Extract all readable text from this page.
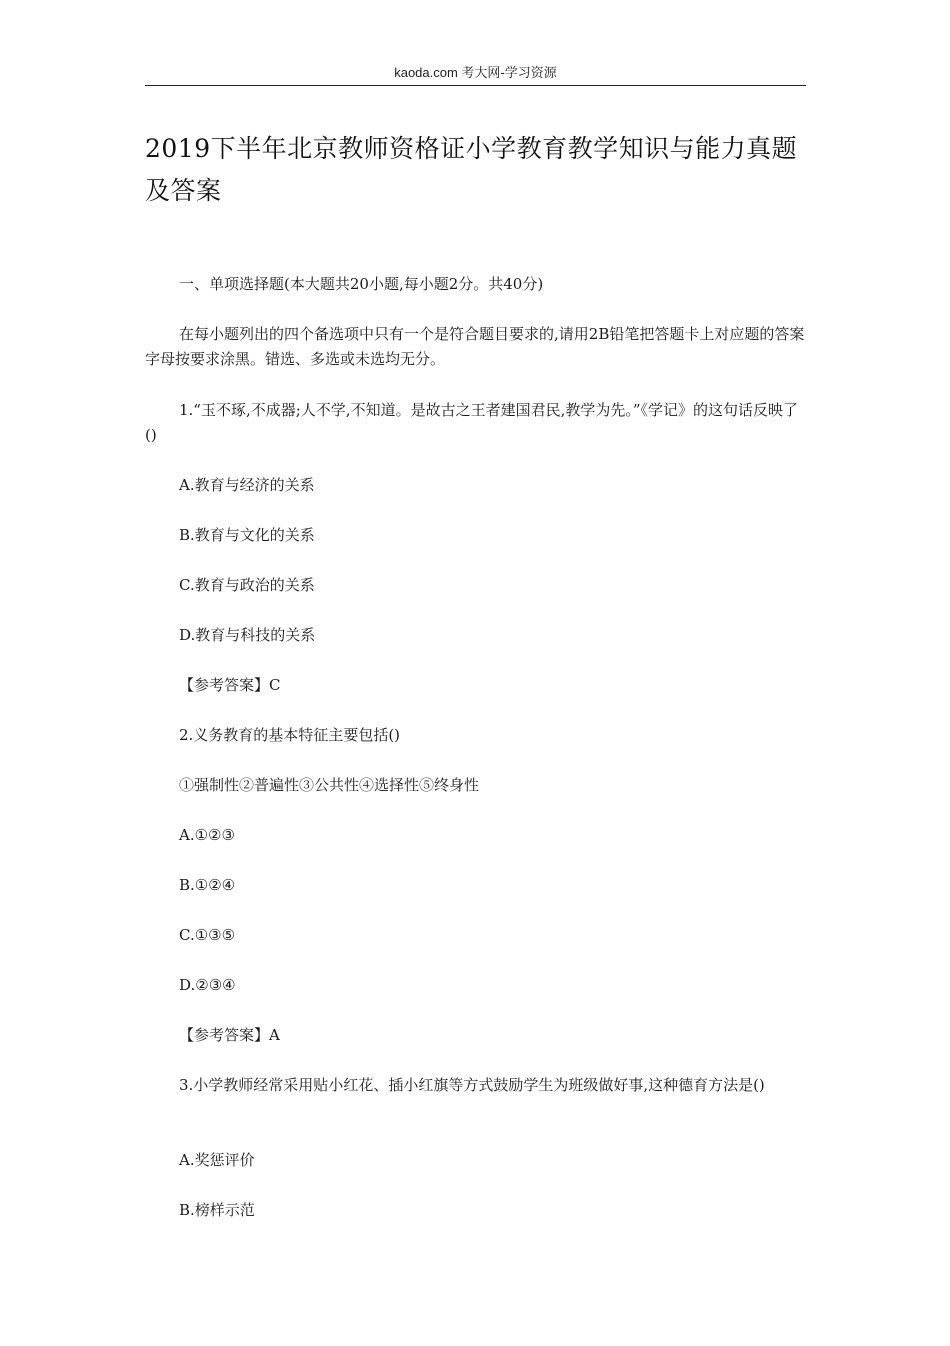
kaoda.com 考大网-学习资源
2019下半年北京教师资格证小学教育教学知识与能力真题及答案
一、单项选择题(本大题共20小题,每小题2分。共40分)
在每小题列出的四个备选项中只有一个是符合题目要求的,请用2B铅笔把答题卡上对应题的答案字母按要求涂黑。错选、多选或未选均无分。
1.“玉不琢,不成器;人不学,不知道。是故古之王者建国君民,教学为先。”《学记》的这句话反映了()
A.教育与经济的关系
B.教育与文化的关系
C.教育与政治的关系
D.教育与科技的关系
【参考答案】C
2.义务教育的基本特征主要包括()
①强制性②普遍性③公共性④选择性⑤终身性
A.①②③
B.①②④
C.①③⑤
D.②③④
【参考答案】A
3.小学教师经常采用贴小红花、插小红旗等方式鼓励学生为班级做好事,这种德育方法是()
A.奖惩评价
B.榜样示范
